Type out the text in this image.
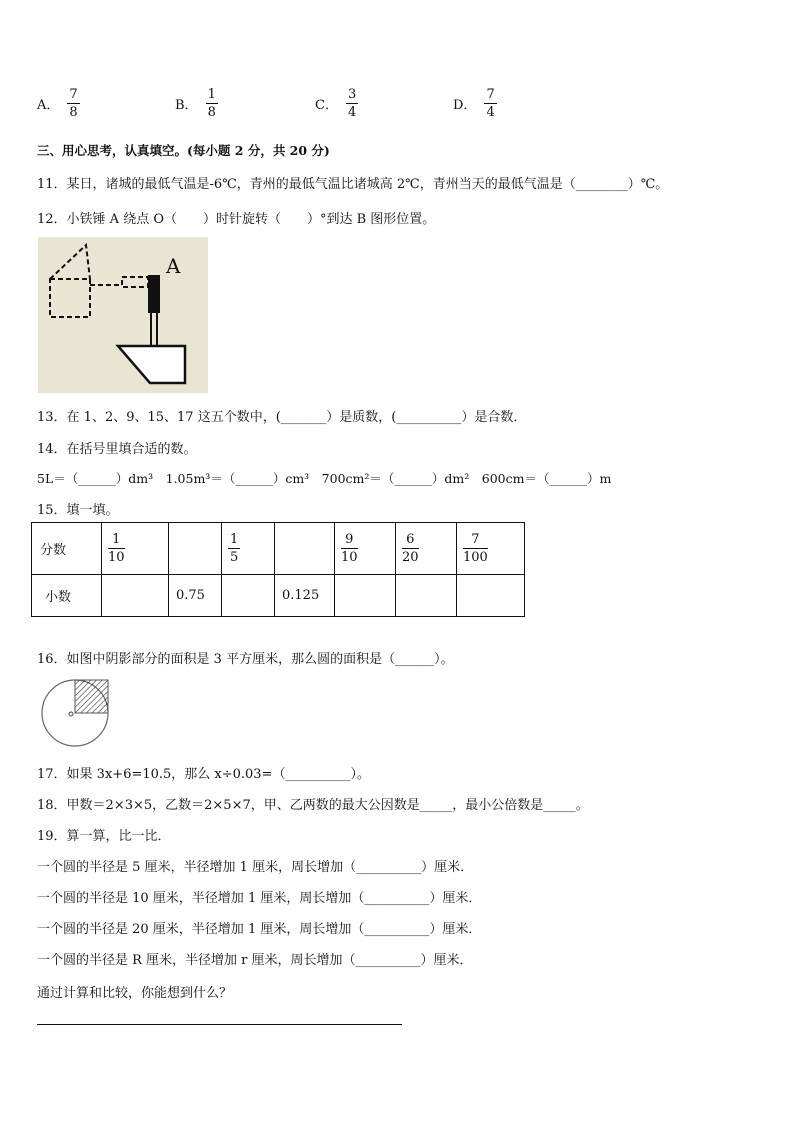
A． $\frac{7}{8}$	B． $\frac{1}{8}$	C． $\frac{3}{4}$	D． $\frac{7}{4}$
三、用心思考，认真填空。(每小题 2 分，共 20 分)
11．某日，诸城的最低气温是-6℃，青州的最低气温比诸城高 2℃，青州当天的最低气温是（________）℃。
12．小铁锤 A 绕点 O（　　）时针旋转（　　）°到达 B 图形位置。
A
13．在 1、2、9、15、17 这五个数中，(_______）是质数，(__________）是合数．
14．在括号里填合适的数。
5L＝（______）dm³　1.05m³＝（______）cm³　700cm²＝（______）dm²　600cm＝（______）m
15．填一填。
分数	$\frac{1}{10}$		$\frac{1}{5}$		$\frac{9}{10}$	$\frac{6}{20}$	$\frac{7}{100}$

小数		0.75		0.125			
16．如图中阴影部分的面积是 3 平方厘米，那么圆的面积是（______）。
17．如果 3x+6=10.5，那么 x÷0.03=（__________）。
18．甲数＝2×3×5，乙数＝2×5×7，甲、乙两数的最大公因数是_____，最小公倍数是_____。
19．算一算，比一比．
一个圆的半径是 5 厘米，半径增加 1 厘米，周长增加（__________）厘米．
一个圆的半径是 10 厘米，半径增加 1 厘米，周长增加（__________）厘米．
一个圆的半径是 20 厘米，半径增加 1 厘米，周长增加（__________）厘米．
一个圆的半径是 R 厘米，半径增加 r 厘米，周长增加（__________）厘米．
通过计算和比较，你能想到什么？
